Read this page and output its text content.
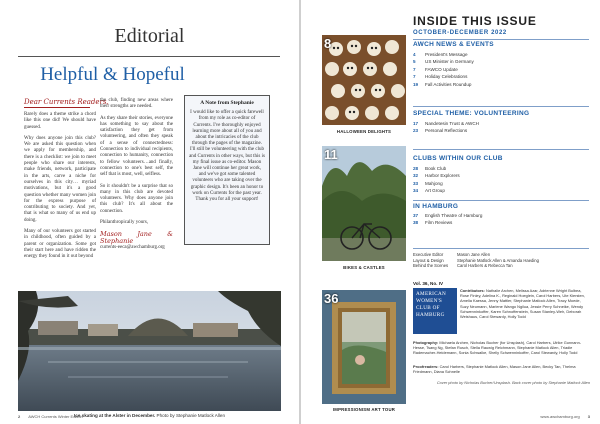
Editorial
Helpful & Hopeful
Dear Currents Readers,

Rarely does a theme strike a chord like this one did! We should have guessed.

Why does anyone join this club? We are asked this question when we apply for membership, and there is a checklist: we join to meet people who share our interests, make friends, network, participate in the arts, carve a niche for ourselves in this city… myriad motivations, but it's a good question whether many women join for the express purpose of contributing to society. And yet, that is what so many of us end up doing.

Many of our volunteers got started in childhood, often guided by a parent or organization. Some got their start here and have ridden the energy they found in it out beyond

the club, finding new areas where their strengths are needed.

As they share their stories, everyone has something to say about the satisfaction they get from volunteering, and often they speak of a sense of connectedness: Connection to individual recipients, connection to humanity, connection to fellow volunteers…and finally, connection to one's best self, the self that is most, well, selfless.

So it shouldn't be a surprise that so many in this club are devoted volunteers. Why does anyone join this club? It's all about the connection.

Philanthropically yours,

Mason Jane & Stephanie
currents-eeca@awchamburg.org
A Note from Stephanie
I would like to offer a quick farewell from my role as co-editor of Currents. I've thoroughly enjoyed learning more about all of you and about the intricacies of the club through the pages of the magazine. I'll still be volunteering with the club and Currents in other ways, but this is my final issue as co-editor. Mason Jane will continue her great work, and we've got some talented volunteers who are taking over the graphic design. It's been an honor to work on Currents for the past year. Thank you for all your support!
Ice skating at the Alster in December. Photo by Stephanie Matlock Allen
2 AWCH Currents Winter Edition
8
HALLOWEEN DELIGHTS
11
BIKES & CASTLES
36
IMPRESSIONISM ART TOUR
INSIDE THIS ISSUE
OCTOBER-DECEMBER 2022
AWCH NEWS & EVENTS
4	President's Message
5	US Minister in Germany
7	FAWCO Update
7	Holiday Celebrations
19	Fall Activities Roundup
SPECIAL THEME: VOLUNTEERING
17	Nandetesin Trust & AWCH
23	Personal Reflections
CLUBS WITHIN OUR CLUB
28	Book Club
32	Harbor Explorers
33	Mahjong
34	Art Group
IN HAMBURG
37	English Theatre of Hamburg
38	Film Reviews
Executive Editor	Mason Jane Allen
Layout & Design	Stephanie Matlock Allen & Amanda Haeding
Behind the Scenes	Carol Harbers & Rebecca Tan
Vol. 36, No. IV
AMERICAN
WOMEN'S
CLUB OF
HAMBURG
Contributors: Nathalie Archen, Melissa Azar, Adrienne Wright Bulbea, Rose Finley, Adelina K., Reginald Hoeglein, Carol Harbers, Ute Kiersten, Amelia Kaessa, Jenny Mattler, Stephanie Matlock Allen, Tracy Moede, Suzy Neumann, Marlene Wango Ngilua, Jessie Perry Schneike, Wendy Schwenninkoffer, Karen Schnoffenstein, Susan Stanley-Weh, Deborah Weishaus, Carol Stewardy, Holly Todd
Photography: Michaela Archen, Nicholas Bucher (for Unsplash), Carol Harbers, Ulrike Gunnann-Hesse, Tsang Ng, Stefan Rusch, Stella Rauwig Reichmann, Stephanie Matlock Allen, Triadie Rademacher-Heidemann, Sonia Schwalke, Shelly Schwenninkoffer, Carol Stewardy, Holly Todd
Proofreaders: Carol Harbers, Stephanie Matlock Allen, Mason Jane Allen, Becky Tan, Thelma Friedmann, Diana Schnelle
Cover photo by Nicholas Bucher/Unsplash. Back cover photo by Stephanie Matlock Allen
www.awchamburg.org 3
